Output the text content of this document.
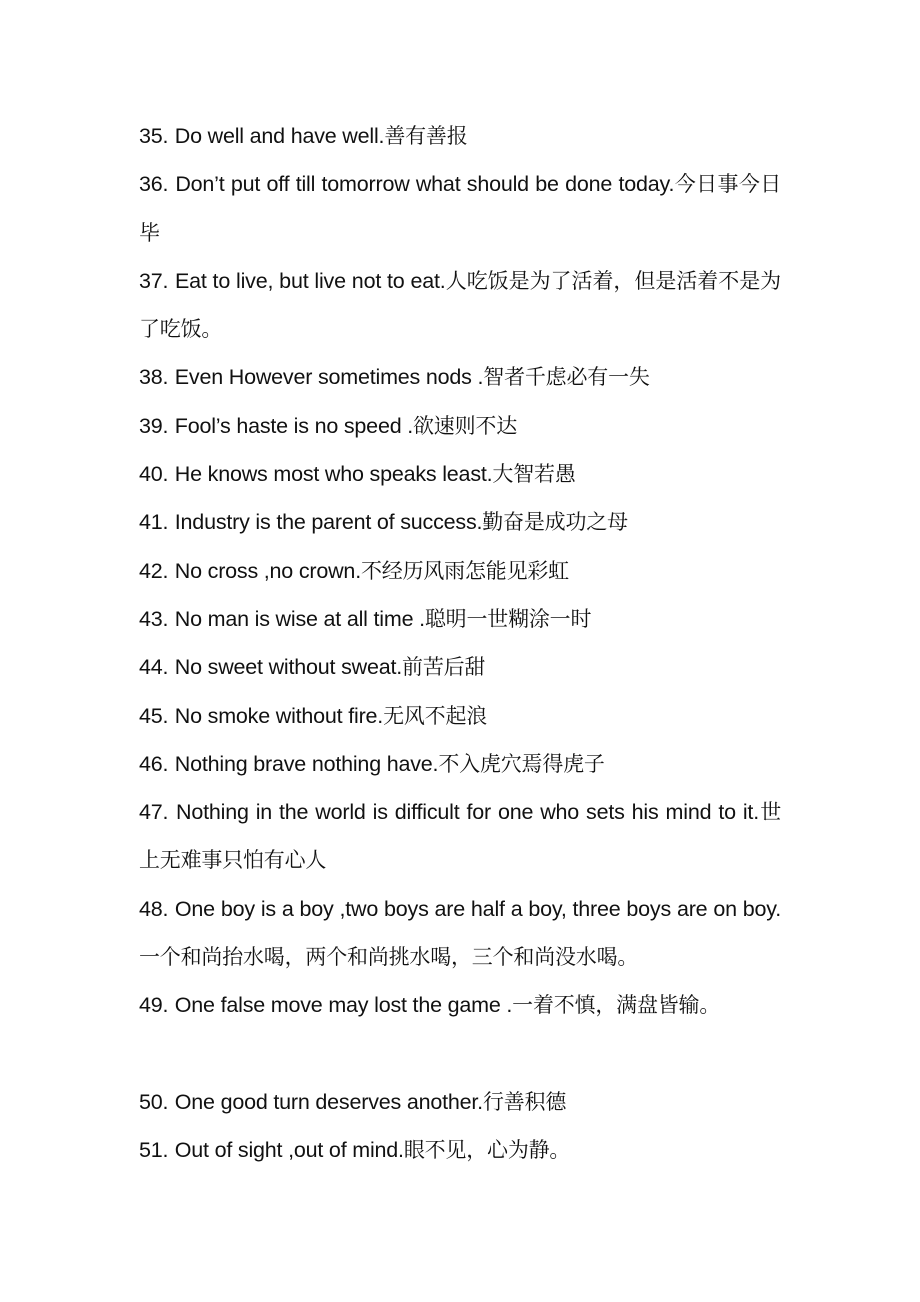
35. Do well and have well.善有善报

36. Don’t put off till tomorrow what should be done today.今日事今日毕

37. Eat to live, but live not to eat.人吃饭是为了活着，但是活着不是为了吃饭。

38. Even However sometimes nods .智者千虑必有一失

39. Fool’s haste is no speed .欲速则不达

40. He knows most who speaks least.大智若愚

41. Industry is the parent of success.勤奋是成功之母

42. No cross ,no crown.不经历风雨怎能见彩虹

43. No man is wise at all time .聪明一世糊涂一时

44. No sweet without sweat.前苦后甜

45. No smoke without fire.无风不起浪

46. Nothing brave nothing have.不入虎穴焉得虎子

47. Nothing in the world is difficult for one who sets his mind to it.世上无难事只怕有心人

48. One boy is a boy ,two boys are half a boy, three boys are on boy.一个和尚抬水喝，两个和尚挑水喝，三个和尚没水喝。

49. One false move may lost the game .一着不慎，满盘皆输。

50. One good turn deserves another.行善积德

51. Out of sight ,out of mind.眼不见，心为静。
